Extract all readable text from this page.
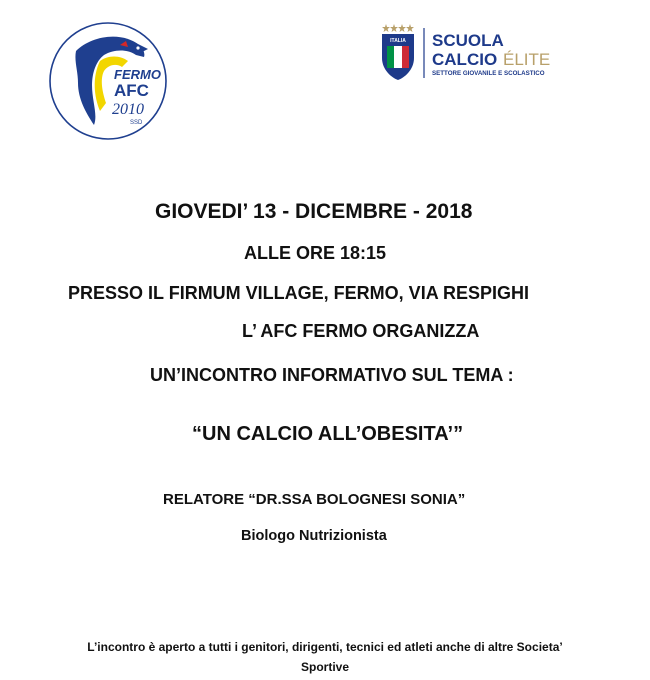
FERMO
AFC
2010
SSD
ITALIA SCUOLA
CALCIO ÉLITE
SETTORE GIOVANILE E SCOLASTICO

GIOVEDI’ 13 - DICEMBRE - 2018

ALLE ORE 18:15

PRESSO IL FIRMUM VILLAGE, FERMO, VIA RESPIGHI

L’ AFC FERMO ORGANIZZA

UN’INCONTRO INFORMATIVO SUL TEMA :

“UN CALCIO ALL’OBESITA’”

RELATORE “DR.SSA BOLOGNESI SONIA”

Biologo Nutrizionista

L’incontro è aperto a tutti i genitori, dirigenti, tecnici ed atleti anche di altre Societa’
Sportive
